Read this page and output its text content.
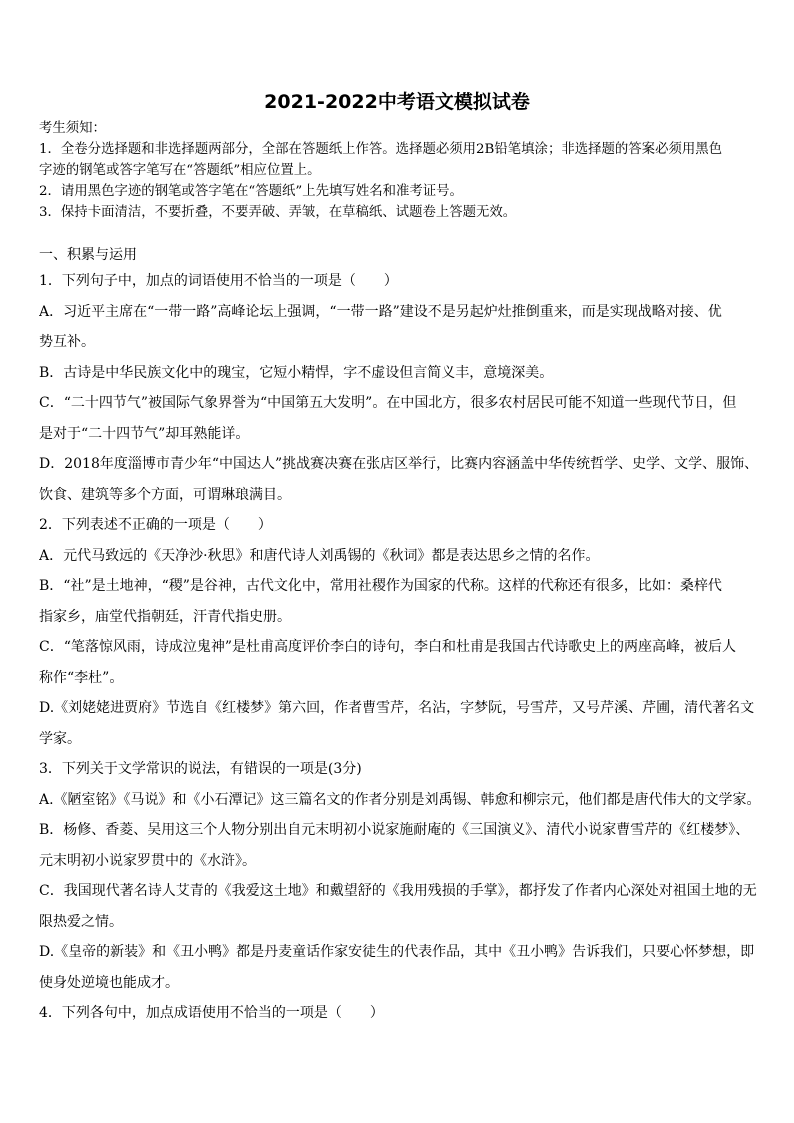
2021-2022中考语文模拟试卷
考生须知：
1．全卷分选择题和非选择题两部分，全部在答题纸上作答。选择题必须用2B铅笔填涂；非选择题的答案必须用黑色
字迹的钢笔或答字笔写在“答题纸”相应位置上。
2．请用黑色字迹的钢笔或答字笔在“答题纸”上先填写姓名和准考证号。
3．保持卡面清洁，不要折叠，不要弄破、弄皱，在草稿纸、试题卷上答题无效。
一、积累与运用
1．下列句子中，加点的词语使用不恰当的一项是（　　）
A．习近平主席在“一带一路”高峰论坛上强调，“一带一路”建设不是另起炉灶推倒重来，而是实现战略对接、优
势互补。
B．古诗是中华民族文化中的瑰宝，它短小精悍，字不虚设但言简义丰，意境深美。
C．“二十四节气”被国际气象界誉为“中国第五大发明”。在中国北方，很多农村居民可能不知道一些现代节日，但
是对于“二十四节气”却耳熟能详。
D．2018年度淄博市青少年“中国达人”挑战赛决赛在张店区举行，比赛内容涵盖中华传统哲学、史学、文学、服饰、
饮食、建筑等多个方面，可谓琳琅满目。
2．下列表述不正确的一项是（　　）
A．元代马致远的《天净沙·秋思》和唐代诗人刘禹锡的《秋词》都是表达思乡之情的名作。
B．“社”是土地神，“稷”是谷神，古代文化中，常用社稷作为国家的代称。这样的代称还有很多，比如：桑梓代
指家乡，庙堂代指朝廷，汗青代指史册。
C．“笔落惊风雨，诗成泣鬼神”是杜甫高度评价李白的诗句，李白和杜甫是我国古代诗歌史上的两座高峰，被后人
称作“李杜”。
D.《刘姥姥进贾府》节选自《红楼梦》第六回，作者曹雪芹，名沾，字梦阮，号雪芹，又号芹溪、芹圃，清代著名文
学家。
3．下列关于文学常识的说法，有错误的一项是(3分)
A.《陋室铭》《马说》和《小石潭记》这三篇名文的作者分别是刘禹锡、韩愈和柳宗元，他们都是唐代伟大的文学家。
B．杨修、香菱、吴用这三个人物分别出自元末明初小说家施耐庵的《三国演义》、清代小说家曹雪芹的《红楼梦》、
元末明初小说家罗贯中的《水浒》。
C．我国现代著名诗人艾青的《我爱这土地》和戴望舒的《我用残损的手掌》，都抒发了作者内心深处对祖国土地的无
限热爱之情。
D.《皇帝的新装》和《丑小鸭》都是丹麦童话作家安徒生的代表作品，其中《丑小鸭》告诉我们，只要心怀梦想，即
使身处逆境也能成才。
4．下列各句中，加点成语使用不恰当的一项是（　　）
